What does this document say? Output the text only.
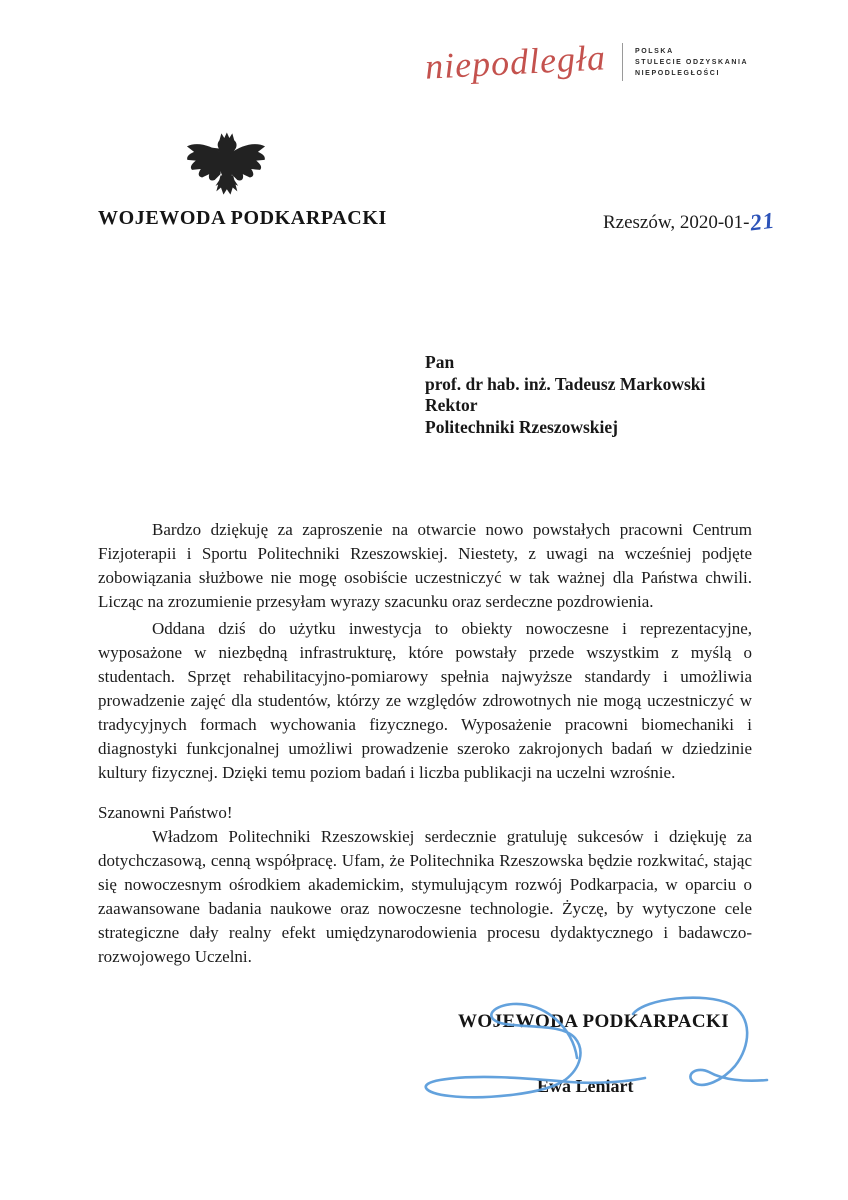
niepodległa	POLSKA
STULECIE ODZYSKANIA
NIEPODLEGŁOŚCI
WOJEWODA PODKARPACKI	Rzeszów, 2020-01-21
Pan
prof. dr hab. inż. Tadeusz Markowski
Rektor
Politechniki Rzeszowskiej

Bardzo dziękuję za zaproszenie na otwarcie nowo powstałych pracowni Centrum Fizjoterapii i Sportu Politechniki Rzeszowskiej. Niestety, z uwagi na wcześniej podjęte zobowiązania służbowe nie mogę osobiście uczestniczyć w tak ważnej dla Państwa chwili. Licząc na zrozumienie przesyłam wyrazy szacunku oraz serdeczne pozdrowienia.

Oddana dziś do użytku inwestycja to obiekty nowoczesne i reprezentacyjne, wyposażone w niezbędną infrastrukturę, które powstały przede wszystkim z myślą o studentach. Sprzęt rehabilitacyjno-pomiarowy spełnia najwyższe standardy i umożliwia prowadzenie zajęć dla studentów, którzy ze względów zdrowotnych nie mogą uczestniczyć w tradycyjnych formach wychowania fizycznego. Wyposażenie pracowni biomechaniki i diagnostyki funkcjonalnej umożliwi prowadzenie szeroko zakrojonych badań w dziedzinie kultury fizycznej. Dzięki temu poziom badań i liczba publikacji na uczelni wzrośnie.

Szanowni Państwo!

Władzom Politechniki Rzeszowskiej serdecznie gratuluję sukcesów i dziękuję za dotychczasową, cenną współpracę. Ufam, że Politechnika Rzeszowska będzie rozkwitać, stając się nowoczesnym ośrodkiem akademickim, stymulującym rozwój Podkarpacia, w oparciu o zaawansowane badania naukowe oraz nowoczesne technologie. Życzę, by wytyczone cele strategiczne dały realny efekt umiędzynarodowienia procesu dydaktycznego i badawczo-rozwojowego Uczelni.

WOJEWODA PODKARPACKI
Ewa Leniart
